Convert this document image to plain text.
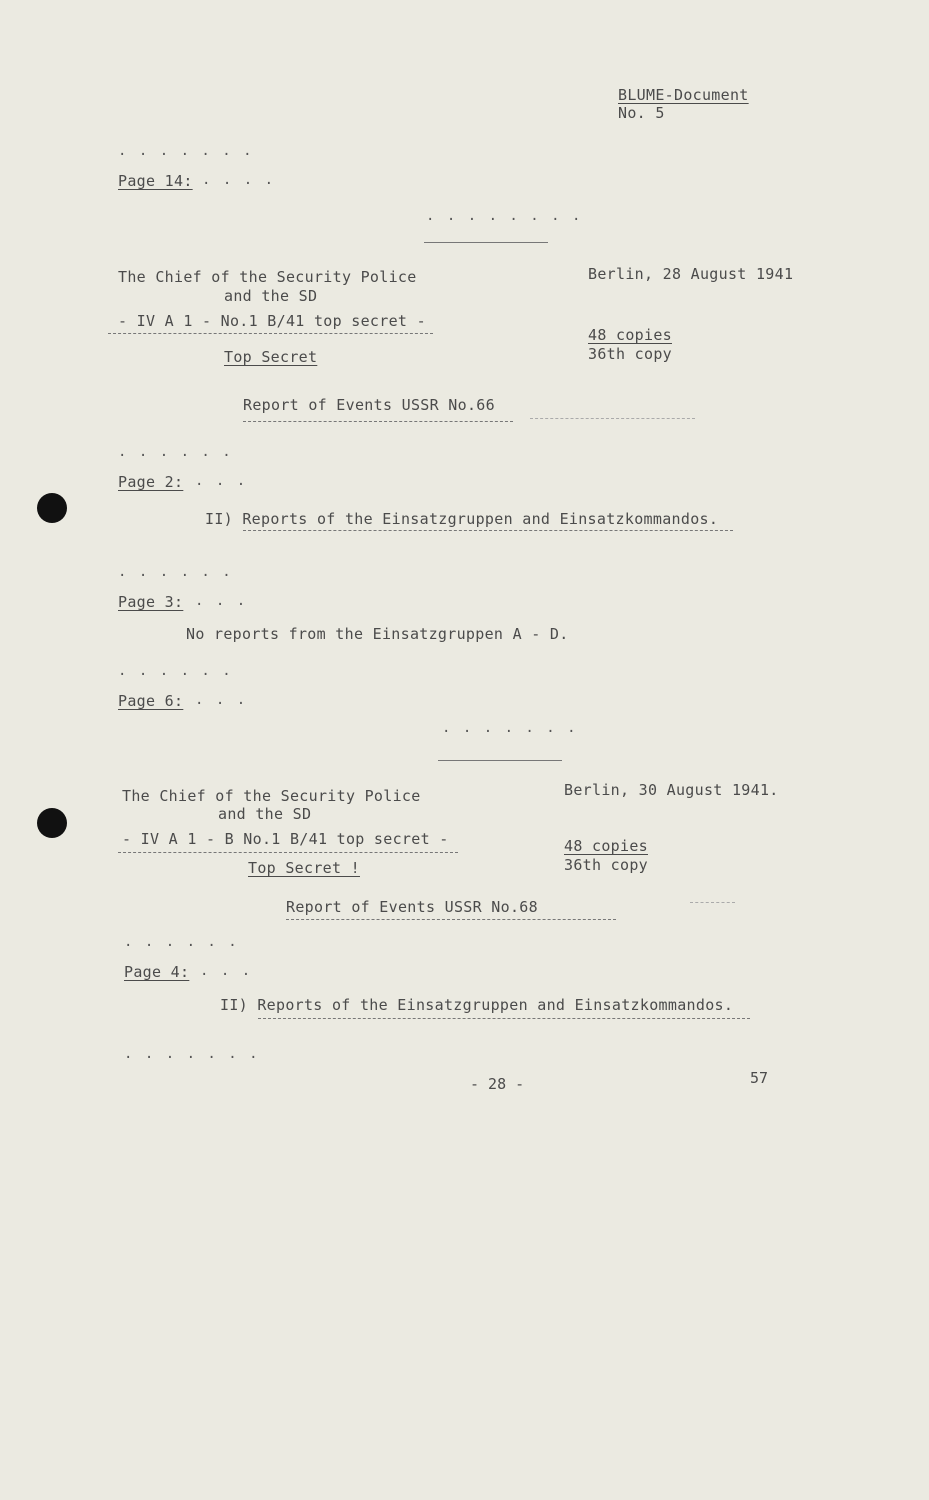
BLUME-Document
No. 5
. . . . . . .
Page 14: . . . .
. . . . . . . .
The Chief of the Security Police
and the SD
- IV A 1 - No.1 B/41 top secret -
Top Secret
Berlin, 28 August 1941
48 copies
36th copy
Report of Events USSR No.66
. . . . . .
Page 2: . . .
II) Reports of the Einsatzgruppen and Einsatzkommandos.
. . . . . .
Page 3: . . .
No reports from the Einsatzgruppen A - D.
. . . . . .
Page 6: . . .
. . . . . . .
The Chief of the Security Police
and the SD
- IV A 1 - B No.1 B/41 top secret -
Top Secret !
Berlin, 30 August 1941.
48 copies
36th copy
Report of Events USSR No.68
. . . . . .
Page 4: . . .
II) Reports of the Einsatzgruppen and Einsatzkommandos.
. . . . . . .
- 28 -	57
